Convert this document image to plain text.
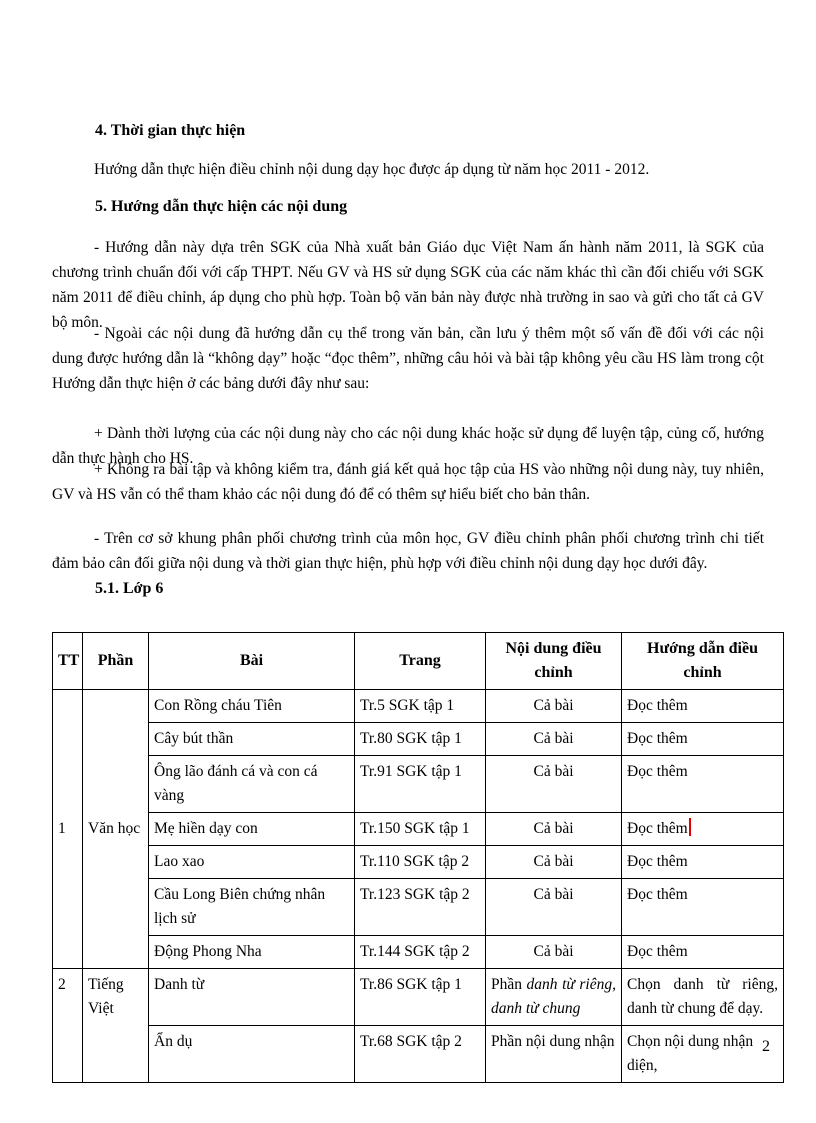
4. Thời gian thực hiện

Hướng dẫn thực hiện điều chỉnh nội dung dạy học được áp dụng từ năm học 2011 - 2012.

5. Hướng dẫn thực hiện các nội dung

- Hướng dẫn này dựa trên SGK của Nhà xuất bản Giáo dục Việt Nam ấn hành năm 2011, là SGK của chương trình chuẩn đối với cấp THPT. Nếu GV và HS sử dụng SGK của các năm khác thì cần đối chiếu với SGK năm 2011 để điều chỉnh, áp dụng cho phù hợp. Toàn bộ văn bản này được nhà trường in sao và gửi cho tất cả GV bộ môn.

- Ngoài các nội dung đã hướng dẫn cụ thể trong văn bản, cần lưu ý thêm một số vấn đề đối với các nội dung được hướng dẫn là “không dạy” hoặc “đọc thêm”, những câu hỏi và bài tập không yêu cầu HS làm trong cột Hướng dẫn thực hiện ở các bảng dưới đây như sau:

+ Dành thời lượng của các nội dung này cho các nội dung khác hoặc sử dụng để luyện tập, củng cố, hướng dẫn thực hành cho HS.

+ Không ra bài tập và không kiểm tra, đánh giá kết quả học tập của HS vào những nội dung này, tuy nhiên, GV và HS vẫn có thể tham khảo các nội dung đó để có thêm sự hiểu biết cho bản thân.

- Trên cơ sở khung phân phối chương trình của môn học, GV điều chỉnh phân phối chương trình chi tiết đảm bảo cân đối giữa nội dung và thời gian thực hiện, phù hợp với điều chỉnh nội dung dạy học dưới đây.

5.1. Lớp 6
TT	Phần	Bài	Trang	Nội dung điều chỉnh	Hướng dẫn điều chỉnh
1	Văn học	Con Rồng cháu Tiên	Tr.5 SGK tập 1	Cả bài	Đọc thêm
		Cây bút thần	Tr.80 SGK tập 1	Cả bài	Đọc thêm
		Ông lão đánh cá và con cá vàng	Tr.91 SGK tập 1	Cả bài	Đọc thêm
		Mẹ hiền dạy con	Tr.150 SGK tập 1	Cả bài	Đọc thêm
		Lao xao	Tr.110 SGK tập 2	Cả bài	Đọc thêm
		Cầu Long Biên chứng nhân lịch sử	Tr.123 SGK tập 2	Cả bài	Đọc thêm
		Động Phong Nha	Tr.144 SGK tập 2	Cả bài	Đọc thêm
2	Tiếng Việt	Danh từ	Tr.86 SGK tập 1	Phần danh từ riêng, danh từ chung	Chọn danh từ riêng, danh từ chung để dạy.
		Ẩn dụ	Tr.68 SGK tập 2	Phần nội dung nhận	Chọn nội dung nhận diện,
2
